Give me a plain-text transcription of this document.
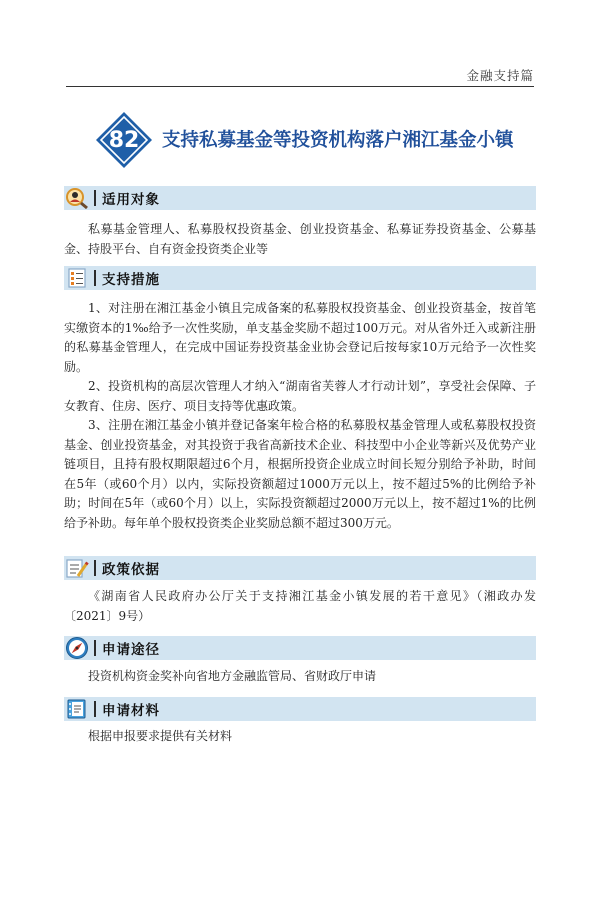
金融支持篇
82	支持私募基金等投资机构落户湘江基金小镇
适用对象
私募基金管理人、私募股权投资基金、创业投资基金、私募证券投资基金、公募基金、持股平台、自有资金投资类企业等
支持措施

1、对注册在湘江基金小镇且完成备案的私募股权投资基金、创业投资基金，按首笔实缴资本的1‰给予一次性奖励，单支基金奖励不超过100万元。对从省外迁入或新注册的私募基金管理人，在完成中国证券投资基金业协会登记后按每家10万元给予一次性奖励。

2、投资机构的高层次管理人才纳入“湖南省芙蓉人才行动计划”，享受社会保障、子女教育、住房、医疗、项目支持等优惠政策。

3、注册在湘江基金小镇并登记备案年检合格的私募股权基金管理人或私募股权投资基金、创业投资基金，对其投资于我省高新技术企业、科技型中小企业等新兴及优势产业链项目，且持有股权期限超过6个月，根据所投资企业成立时间长短分别给予补助，时间在5年（或60个月）以内，实际投资额超过1000万元以上，按不超过5%的比例给予补助；时间在5年（或60个月）以上，实际投资额超过2000万元以上，按不超过1%的比例给予补助。每年单个股权投资类企业奖励总额不超过300万元。

政策依据
《湖南省人民政府办公厅关于支持湘江基金小镇发展的若干意见》（湘政办发〔2021〕9号）
申请途径
投资机构资金奖补向省地方金融监管局、省财政厅申请
申请材料
根据申报要求提供有关材料
